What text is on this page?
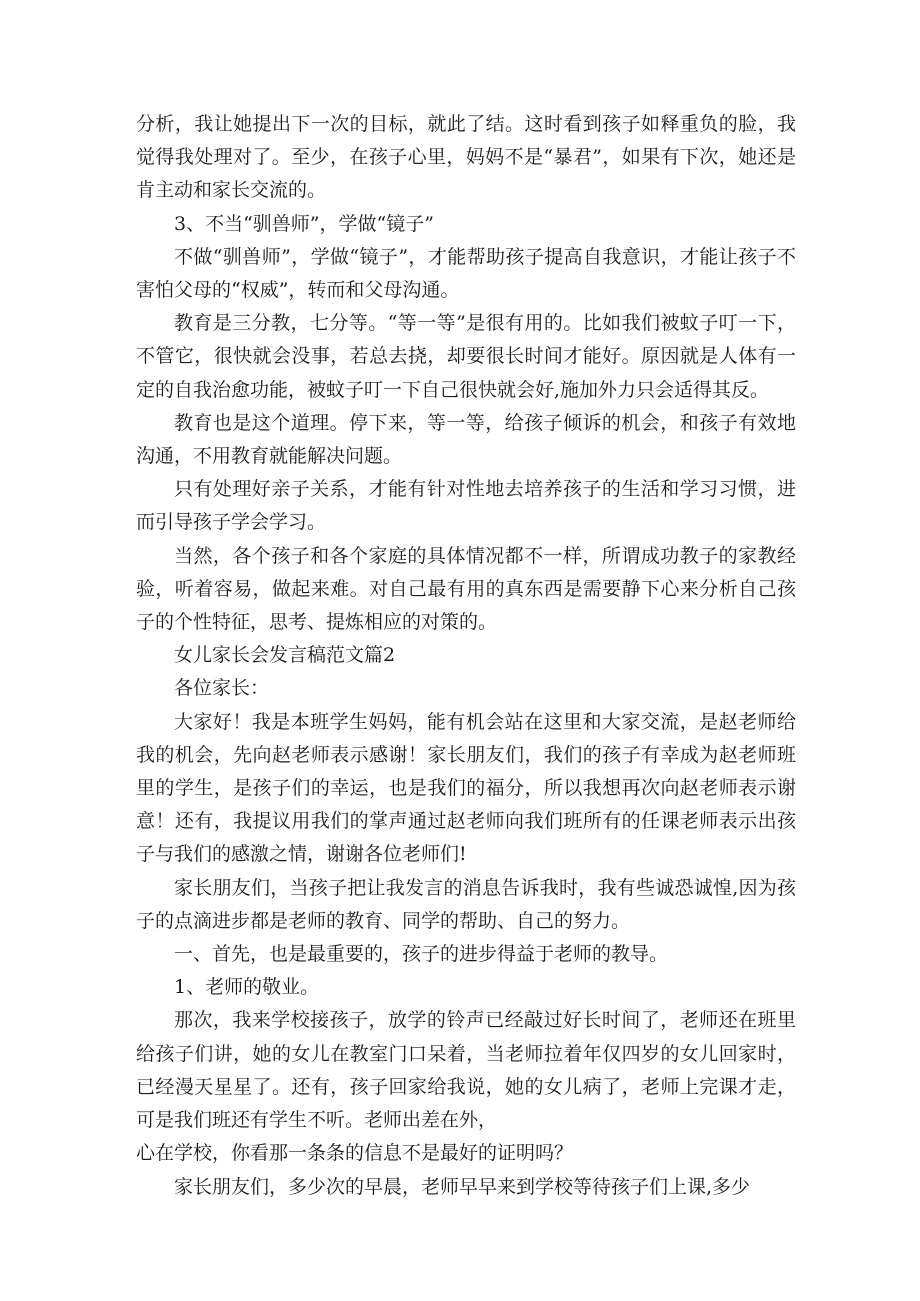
分析，我让她提出下一次的目标，就此了结。这时看到孩子如释重负的脸，我觉得我处理对了。至少，在孩子心里，妈妈不是“暴君”，如果有下次，她还是肯主动和家长交流的。

3、不当“驯兽师”，学做“镜子”

不做“驯兽师”，学做“镜子”，才能帮助孩子提高自我意识，才能让孩子不害怕父母的“权威”，转而和父母沟通。

教育是三分教，七分等。“等一等”是很有用的。比如我们被蚊子叮一下，不管它，很快就会没事，若总去挠，却要很长时间才能好。原因就是人体有一定的自我治愈功能，被蚊子叮一下自己很快就会好,施加外力只会适得其反。

教育也是这个道理。停下来，等一等，给孩子倾诉的机会，和孩子有效地沟通，不用教育就能解决问题。

只有处理好亲子关系，才能有针对性地去培养孩子的生活和学习习惯，进而引导孩子学会学习。

当然，各个孩子和各个家庭的具体情况都不一样，所谓成功教子的家教经验，听着容易，做起来难。对自己最有用的真东西是需要静下心来分析自己孩子的个性特征，思考、提炼相应的对策的。

女儿家长会发言稿范文篇2

各位家长：

大家好！我是本班学生妈妈，能有机会站在这里和大家交流，是赵老师给我的机会，先向赵老师表示感谢！家长朋友们，我们的孩子有幸成为赵老师班里的学生，是孩子们的幸运，也是我们的福分，所以我想再次向赵老师表示谢意！还有，我提议用我们的掌声通过赵老师向我们班所有的任课老师表示出孩子与我们的感激之情，谢谢各位老师们!

家长朋友们，当孩子把让我发言的消息告诉我时，我有些诚恐诚惶,因为孩子的点滴进步都是老师的教育、同学的帮助、自己的努力。

一、首先，也是最重要的，孩子的进步得益于老师的教导。

1、老师的敬业。

那次，我来学校接孩子，放学的铃声已经敲过好长时间了，老师还在班里给孩子们讲，她的女儿在教室门口呆着，当老师拉着年仅四岁的女儿回家时，已经漫天星星了。还有，孩子回家给我说，她的女儿病了，老师上完课才走，可是我们班还有学生不听。老师出差在外，

心在学校，你看那一条条的信息不是最好的证明吗？

家长朋友们，多少次的早晨，老师早早来到学校等待孩子们上课,多少
